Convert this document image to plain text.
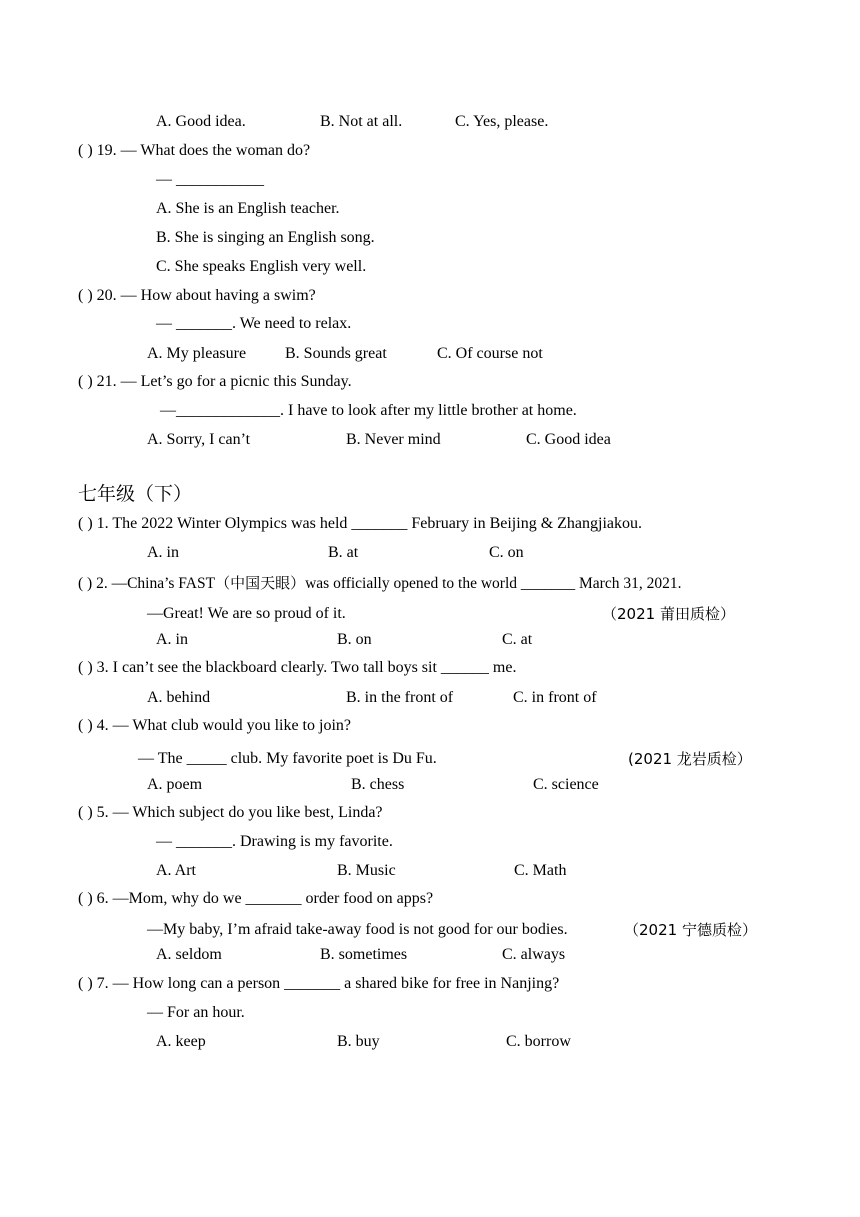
A. Good idea.	B. Not at all.	C. Yes, please.
( ) 19. — What does the woman do?
— ___________
A. She is an English teacher.
B. She is singing an English song.
C. She speaks English very well.
( ) 20. — How about having a swim?
— _______. We need to relax.
A. My pleasure B. Sounds great	C. Of course not
( ) 21. — Let’s go for a picnic this Sunday.
—_____________. I have to look after my little brother at home.
A. Sorry, I can’t	B. Never mind	C. Good idea
七年级（下）
( ) 1. The 2022 Winter Olympics was held _______ February in Beijing & Zhangjiakou.
A. in	B. at	C. on
( ) 2. —China’s FAST（中国天眼）was officially opened to the world _______ March 31, 2021.
—Great! We are so proud of it.	（2021 莆田质检）
A. in	B. on	C. at
( ) 3. I can’t see the blackboard clearly. Two tall boys sit ______ me.
A. behind	B. in the front of	C. in front of
( ) 4. — What club would you like to join?
— The _____ club. My favorite poet is Du Fu.	(2021 龙岩质检）
A. poem	B. chess	C. science
( ) 5. — Which subject do you like best, Linda?
— _______. Drawing is my favorite.
A. Art	B. Music	C. Math
( ) 6. —Mom, why do we _______ order food on apps?
—My baby, I’m afraid take-away food is not good for our bodies.	（2021 宁德质检）
A. seldom	B. sometimes	C. always
( ) 7. — How long can a person _______ a shared bike for free in Nanjing?
— For an hour.
A. keep	B. buy	C. borrow
